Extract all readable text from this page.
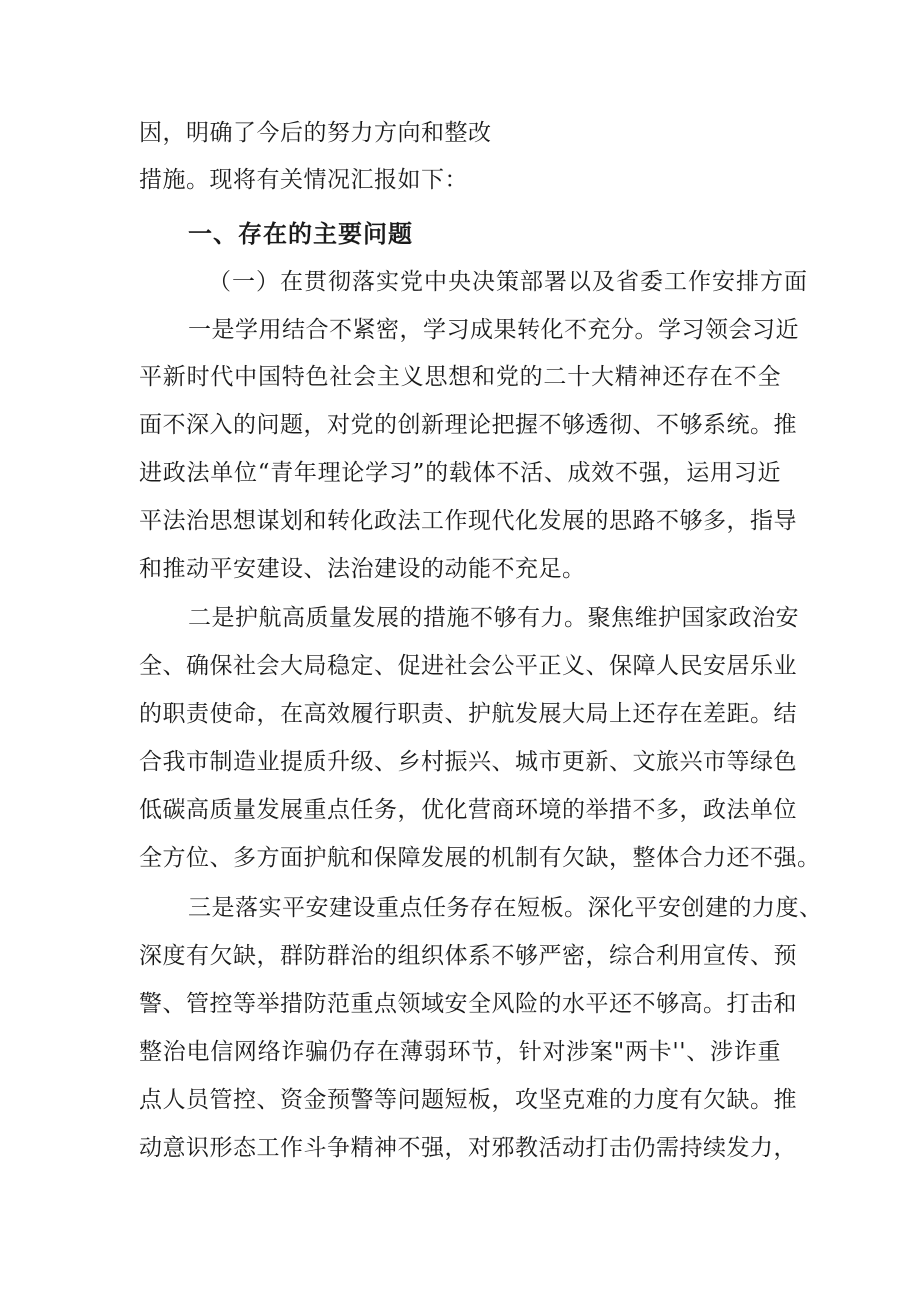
因，明确了今后的努力方向和整改
措施。现将有关情况汇报如下：
一、存在的主要问题
（一）在贯彻落实党中央决策部署以及省委工作安排方面
一是学用结合不紧密，学习成果转化不充分。学习领会习近
平新时代中国特色社会主义思想和党的二十大精神还存在不全
面不深入的问题，对党的创新理论把握不够透彻、不够系统。推
进政法单位“青年理论学习”的载体不活、成效不强，运用习近
平法治思想谋划和转化政法工作现代化发展的思路不够多，指导
和推动平安建设、法治建设的动能不充足。
二是护航高质量发展的措施不够有力。聚焦维护国家政治安
全、确保社会大局稳定、促进社会公平正义、保障人民安居乐业
的职责使命，在高效履行职责、护航发展大局上还存在差距。结
合我市制造业提质升级、乡村振兴、城市更新、文旅兴市等绿色
低碳高质量发展重点任务，优化营商环境的举措不多，政法单位
全方位、多方面护航和保障发展的机制有欠缺，整体合力还不强。
三是落实平安建设重点任务存在短板。深化平安创建的力度、
深度有欠缺，群防群治的组织体系不够严密，综合利用宣传、预
警、管控等举措防范重点领域安全风险的水平还不够高。打击和
整治电信网络诈骗仍存在薄弱环节，针对涉案"两卡''、涉诈重
点人员管控、资金预警等问题短板，攻坚克难的力度有欠缺。推
动意识形态工作斗争精神不强，对邪教活动打击仍需持续发力，
